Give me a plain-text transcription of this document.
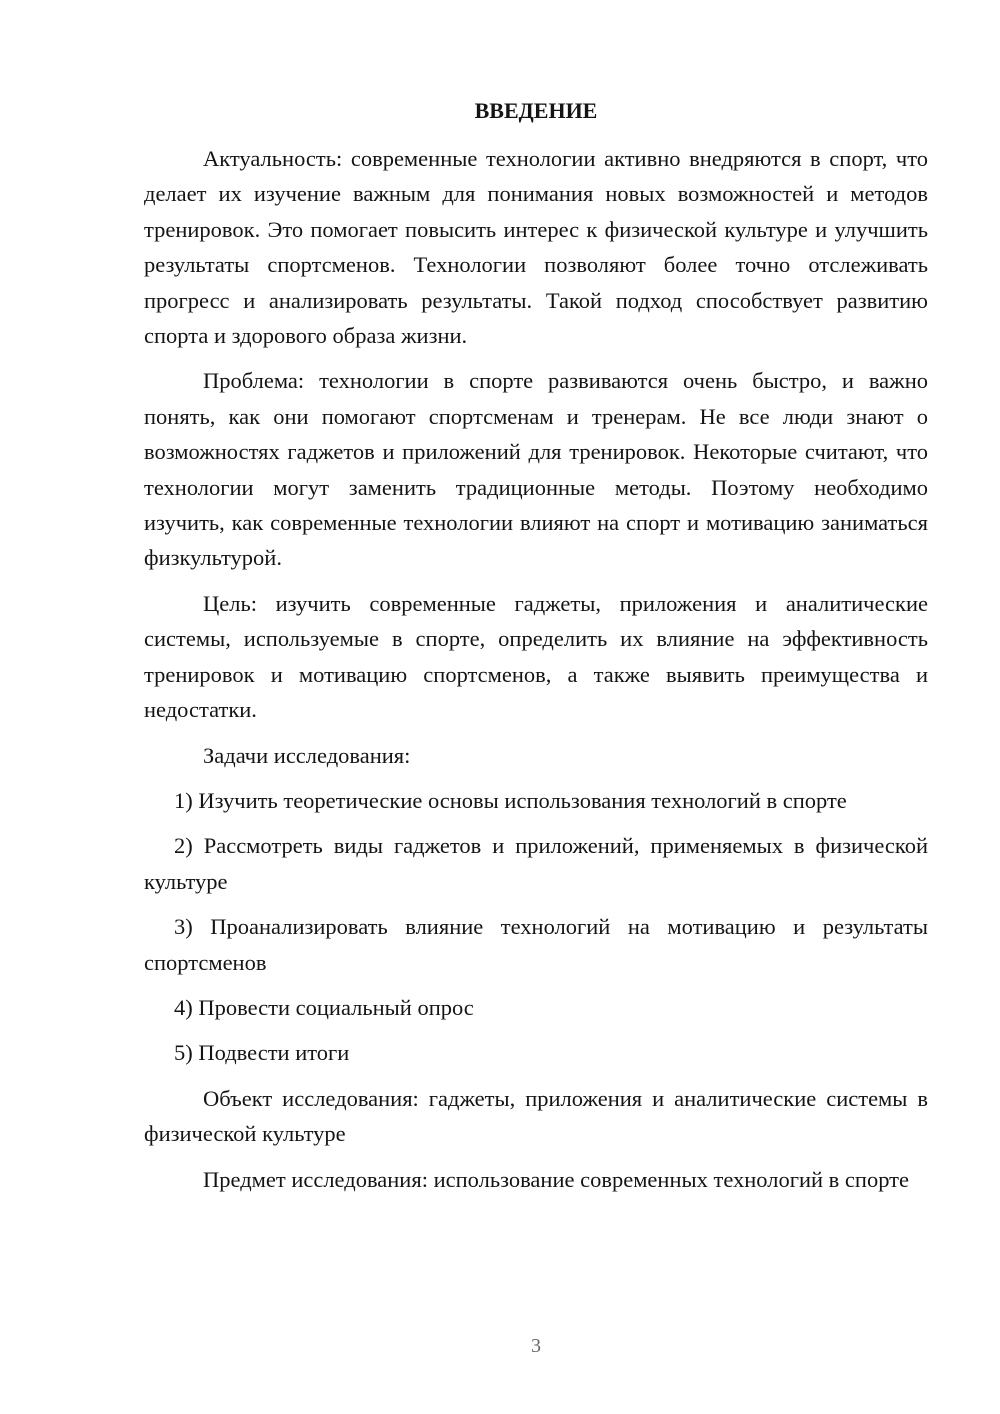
ВВЕДЕНИЕ

Актуальность: современные технологии активно внедряются в спорт, что делает их изучение важным для понимания новых возможностей и методов тренировок. Это помогает повысить интерес к физической культуре и улучшить результаты спортсменов. Технологии позволяют более точно отслеживать прогресс и анализировать результаты. Такой подход способствует развитию спорта и здорового образа жизни.

Проблема: технологии в спорте развиваются очень быстро, и важно понять, как они помогают спортсменам и тренерам. Не все люди знают о возможностях гаджетов и приложений для тренировок. Некоторые считают, что технологии могут заменить традиционные методы. Поэтому необходимо изучить, как современные технологии влияют на спорт и мотивацию заниматься физкультурой.

Цель: изучить современные гаджеты, приложения и аналитические системы, используемые в спорте, определить их влияние на эффективность тренировок и мотивацию спортсменов, а также выявить преимущества и недостатки.

Задачи исследования:

1) Изучить теоретические основы использования технологий в спорте

2) Рассмотреть виды гаджетов и приложений, применяемых в физической культуре

3) Проанализировать влияние технологий на мотивацию и результаты спортсменов

4) Провести социальный опрос

5) Подвести итоги

Объект исследования: гаджеты, приложения и аналитические системы в физической культуре

Предмет исследования: использование современных технологий в спорте

3
